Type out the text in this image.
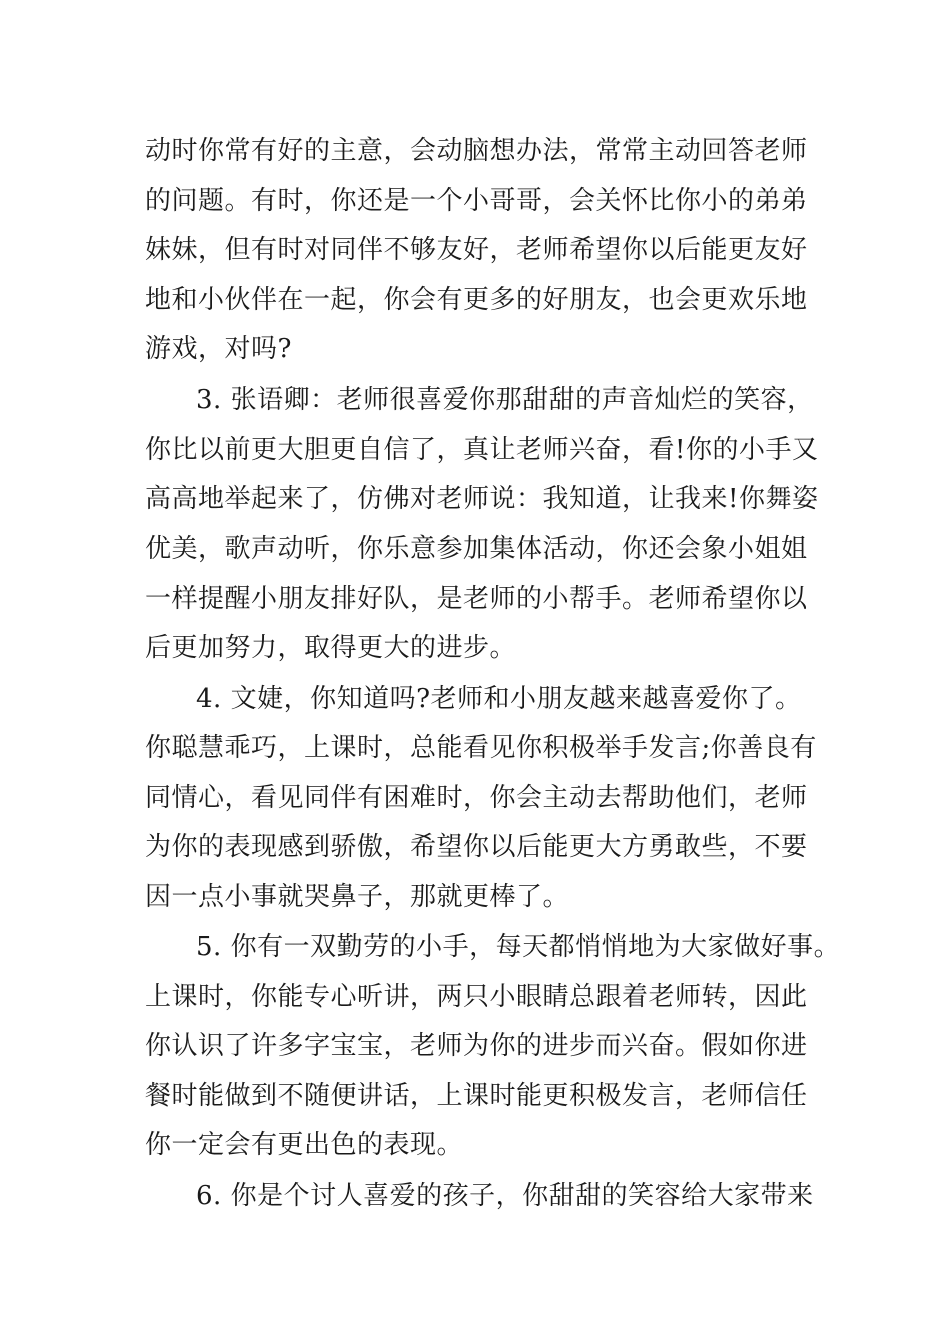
动时你常有好的主意，会动脑想办法，常常主动回答老师
的问题。有时，你还是一个小哥哥，会关怀比你小的弟弟
妹妹，但有时对同伴不够友好，老师希望你以后能更友好
地和小伙伴在一起，你会有更多的好朋友，也会更欢乐地
游戏，对吗?
3. 张语卿：老师很喜爱你那甜甜的声音灿烂的笑容，
你比以前更大胆更自信了，真让老师兴奋，看!你的小手又
高高地举起来了，仿佛对老师说：我知道，让我来!你舞姿
优美，歌声动听，你乐意参加集体活动，你还会象小姐姐
一样提醒小朋友排好队，是老师的小帮手。老师希望你以
后更加努力，取得更大的进步。
4. 文婕，你知道吗?老师和小朋友越来越喜爱你了。
你聪慧乖巧，上课时，总能看见你积极举手发言;你善良有
同情心，看见同伴有困难时，你会主动去帮助他们，老师
为你的表现感到骄傲，希望你以后能更大方勇敢些，不要
因一点小事就哭鼻子，那就更棒了。
5. 你有一双勤劳的小手，每天都悄悄地为大家做好事。
上课时，你能专心听讲，两只小眼睛总跟着老师转，因此
你认识了许多字宝宝，老师为你的进步而兴奋。假如你进
餐时能做到不随便讲话，上课时能更积极发言，老师信任
你一定会有更出色的表现。
6. 你是个讨人喜爱的孩子，你甜甜的笑容给大家带来
